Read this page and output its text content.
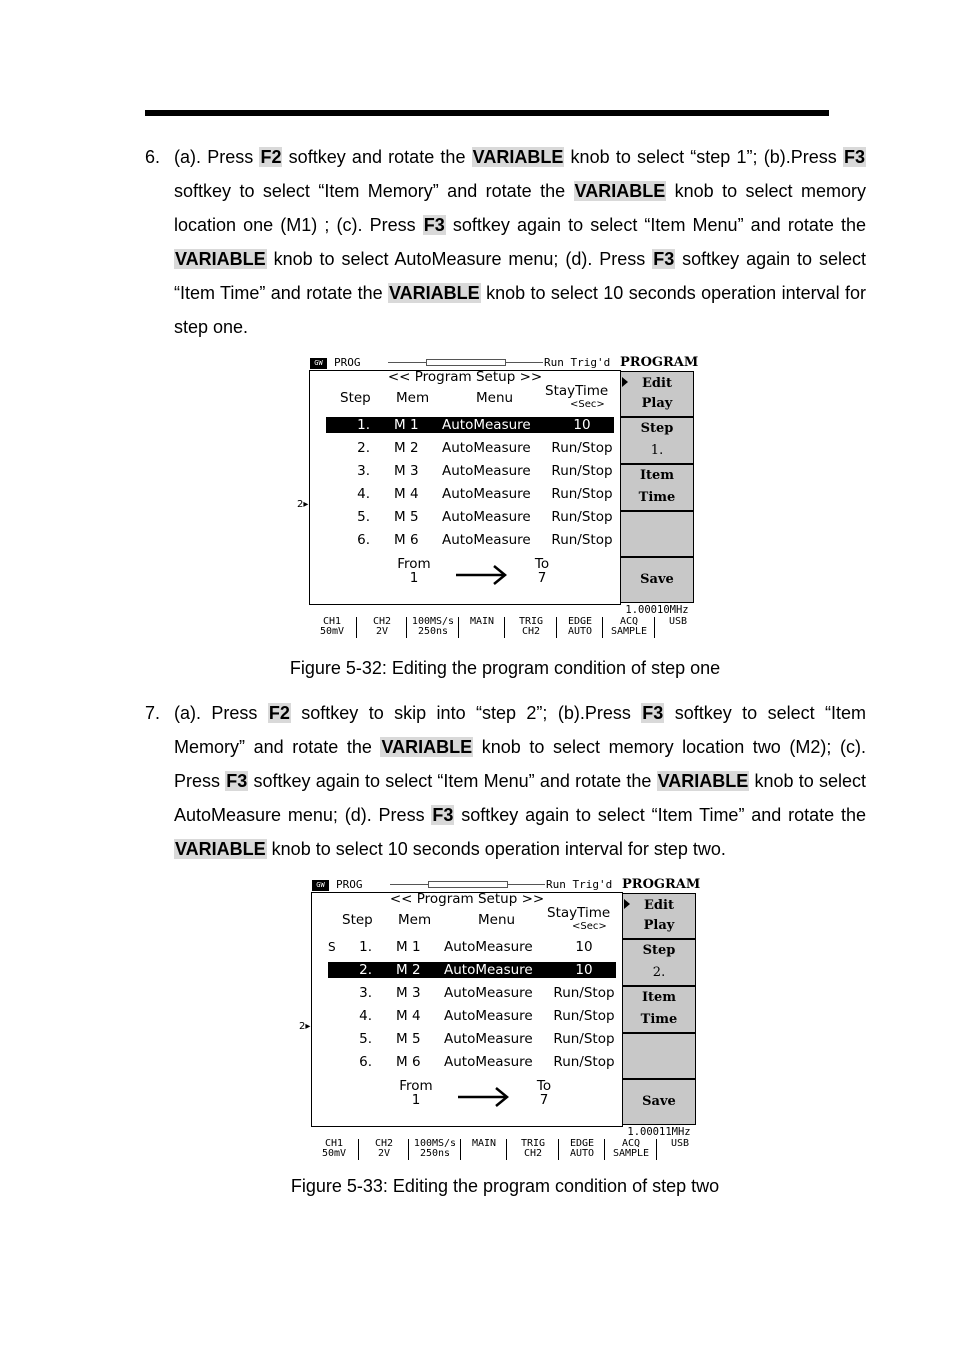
6. (a). Press F2 softkey and rotate the VARIABLE knob to select “step 1”; (b).Press F3 softkey to select “Item Memory” and rotate the VARIABLE knob to select memory location one (M1) ; (c). Press F3 softkey again to select “Item Menu” and rotate the VARIABLE knob to select AutoMeasure menu; (d). Press F3 softkey again to select “Item Time” and rotate the VARIABLE knob to select 10 seconds operation interval for step one.
GW	PROG	Run Trig'd
<< Program Setup >>
Step Mem	Menu StayTime
<Sec>
1. M 1 AutoMeasure	10
2. M 2 AutoMeasure	Run/Stop
3. M 3 AutoMeasure	Run/Stop
4. M 4 AutoMeasure	Run/Stop
5. M 5 AutoMeasure	Run/Stop
6. M 6 AutoMeasure	Run/Stop
From
1
To
7
2▸
PROGRAM
Edit
Play
Step
1.
Item
Time
Save
1.00010MHz
CH1
50mV
CH2
2V
100MS/s
250ns
MAIN	TRIG
CH2
EDGE
AUTO
ACQ
SAMPLE
USB
Figure 5-32: Editing the program condition of step one
7. (a). Press F2 softkey to skip into “step 2”; (b).Press F3 softkey to select “Item Memory” and rotate the VARIABLE knob to select memory location two (M2); (c). Press F3 softkey again to select “Item Menu” and rotate the VARIABLE knob to select AutoMeasure menu; (d). Press F3 softkey again to select “Item Time” and rotate the VARIABLE knob to select 10 seconds operation interval for step two.
GW	PROG	Run Trig'd
<< Program Setup >>
Step Mem	Menu StayTime
<Sec>
S	1. M 1 AutoMeasure	10
2. M 2 AutoMeasure	10
3. M 3 AutoMeasure	Run/Stop
4. M 4 AutoMeasure	Run/Stop
5. M 5 AutoMeasure	Run/Stop
6. M 6 AutoMeasure	Run/Stop
From
1
To
7
2▸
PROGRAM
Edit
Play
Step
2.
Item
Time
Save
1.00011MHz
CH1
50mV
CH2
2V
100MS/s
250ns
MAIN	TRIG
CH2
EDGE
AUTO
ACQ
SAMPLE
USB
Figure 5-33: Editing the program condition of step two
